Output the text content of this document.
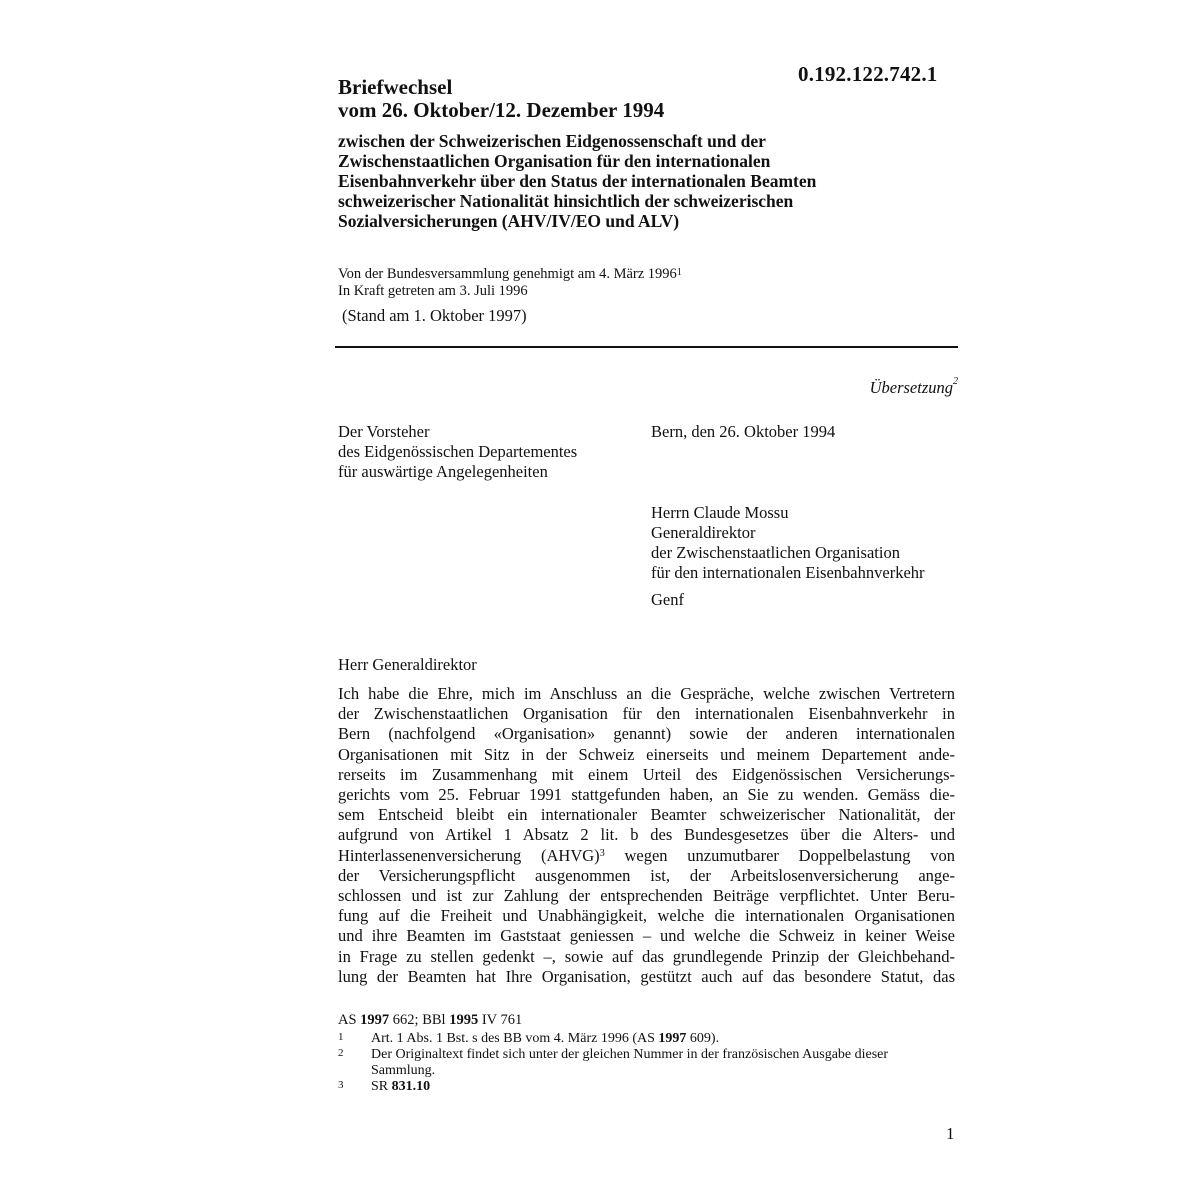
0.192.122.742.1
Briefwechsel
vom 26. Oktober/12. Dezember 1994
zwischen der Schweizerischen Eidgenossenschaft und der
Zwischenstaatlichen Organisation für den internationalen
Eisenbahnverkehr über den Status der internationalen Beamten
schweizerischer Nationalität hinsichtlich der schweizerischen
Sozialversicherungen (AHV/IV/EO und ALV)
Von der Bundesversammlung genehmigt am 4. März 1996$^1$
In Kraft getreten am 3. Juli 1996
(Stand am 1. Oktober 1997)
Übersetzung$^2$
Der Vorsteher
des Eidgenössischen Departementes
für auswärtige Angelegenheiten
Bern, den 26. Oktober 1994
Herrn Claude Mossu
Generaldirektor
der Zwischenstaatlichen Organisation
für den internationalen Eisenbahnverkehr
Genf
Herr Generaldirektor
Ich habe die Ehre, mich im Anschluss an die Gespräche, welche zwischen Vertretern
der Zwischenstaatlichen Organisation für den internationalen Eisenbahnverkehr in
Bern (nachfolgend «Organisation» genannt) sowie der anderen internationalen
Organisationen mit Sitz in der Schweiz einerseits und meinem Departement ande-
rerseits im Zusammenhang mit einem Urteil des Eidgenössischen Versicherungs-
gerichts vom 25. Februar 1991 stattgefunden haben, an Sie zu wenden. Gemäss die-
sem Entscheid bleibt ein internationaler Beamter schweizerischer Nationalität, der
aufgrund von Artikel 1 Absatz 2 lit. b des Bundesgesetzes über die Alters- und
Hinterlassenenversicherung (AHVG)$^3$ wegen unzumutbarer Doppelbelastung von
der Versicherungspflicht ausgenommen ist, der Arbeitslosenversicherung ange-
schlossen und ist zur Zahlung der entsprechenden Beiträge verpflichtet. Unter Beru-
fung auf die Freiheit und Unabhängigkeit, welche die internationalen Organisationen
und ihre Beamten im Gaststaat geniessen – und welche die Schweiz in keiner Weise
in Frage zu stellen gedenkt –, sowie auf das grundlegende Prinzip der Gleichbehand-
lung der Beamten hat Ihre Organisation, gestützt auch auf das besondere Statut, das
AS 1997 662; BBl 1995 IV 761
1	Art. 1 Abs. 1 Bst. s des BB vom 4. März 1996 (AS 1997 609).
2	Der Originaltext findet sich unter der gleichen Nummer in der französischen Ausgabe dieser Sammlung.
3	SR 831.10
1
